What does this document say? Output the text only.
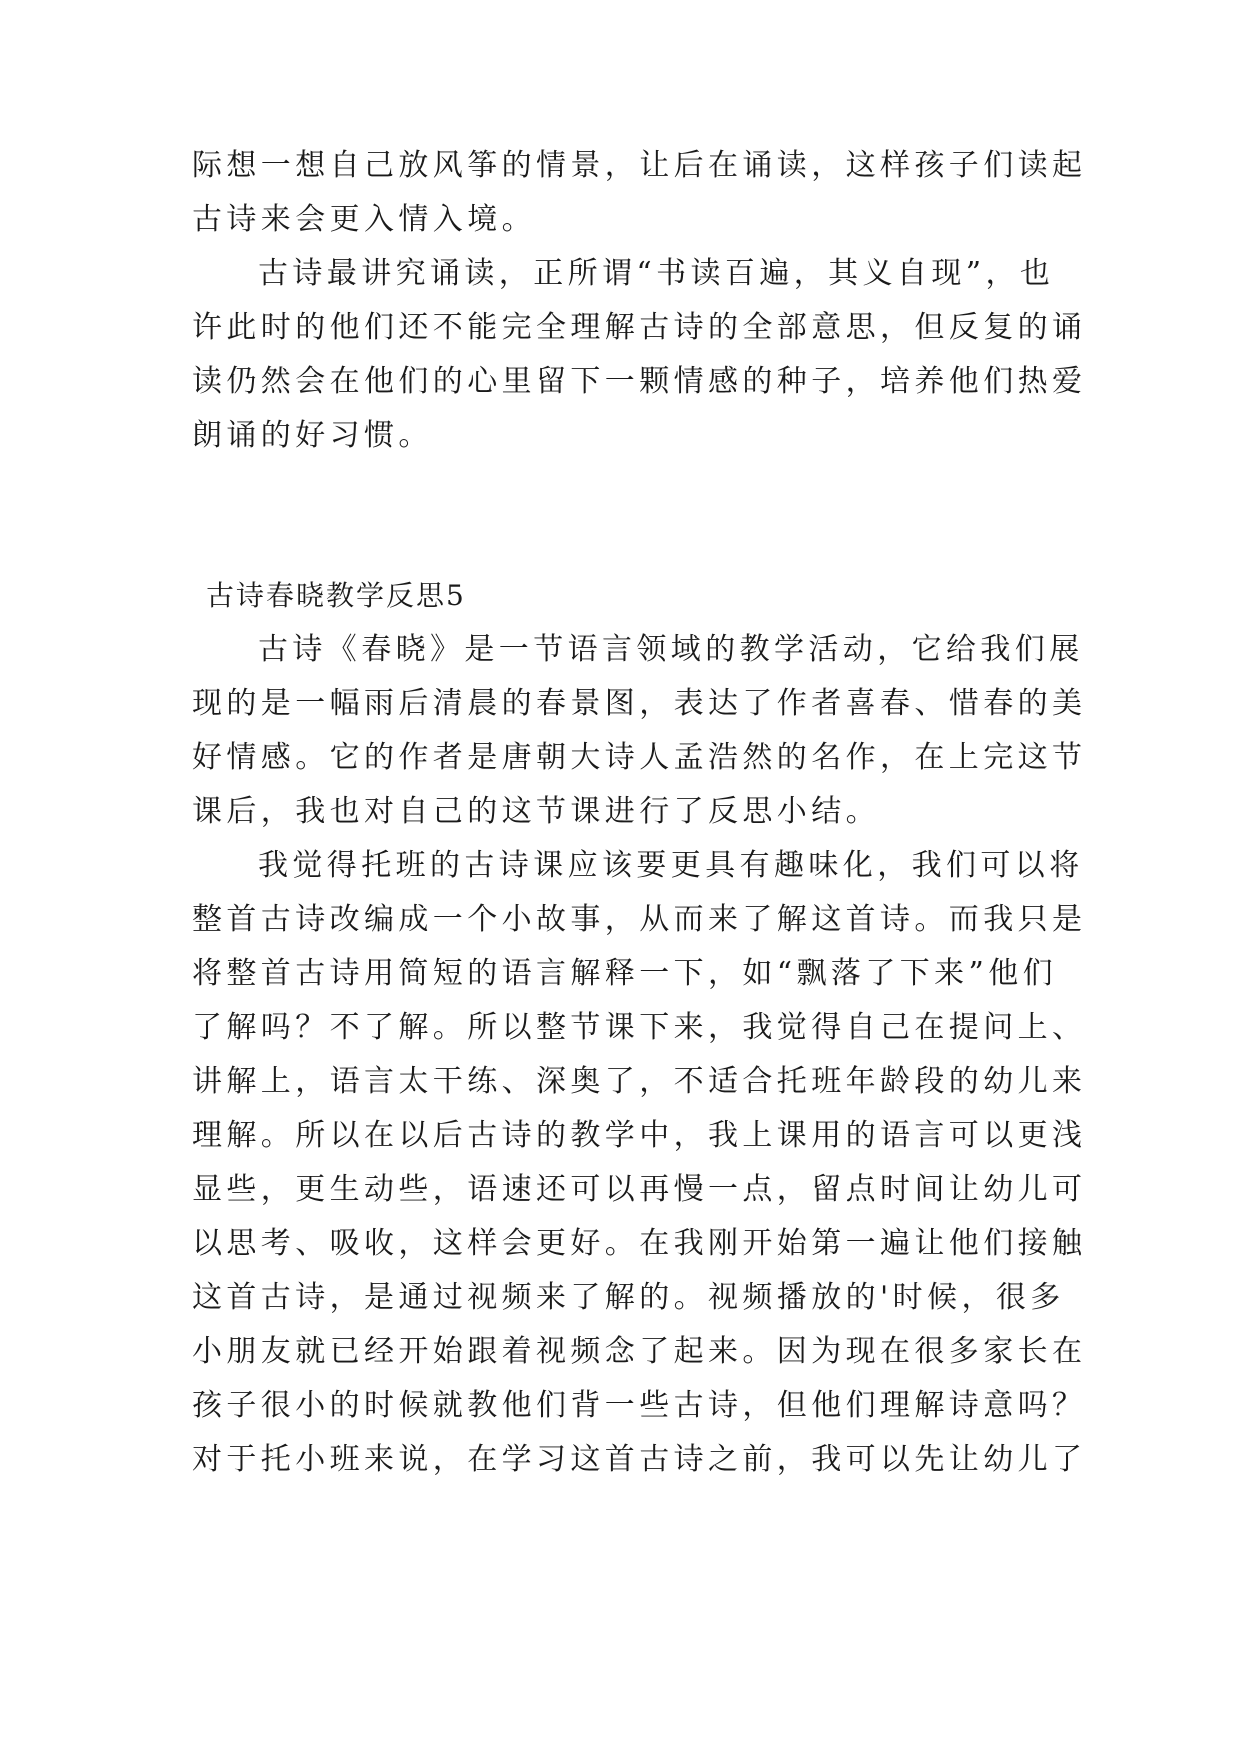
际想一想自己放风筝的情景，让后在诵读，这样孩子们读起
古诗来会更入情入境。
古诗最讲究诵读，正所谓“书读百遍，其义自现”，也
许此时的他们还不能完全理解古诗的全部意思，但反复的诵
读仍然会在他们的心里留下一颗情感的种子，培养他们热爱
朗诵的好习惯。
古诗春晓教学反思5
古诗《春晓》是一节语言领域的教学活动，它给我们展
现的是一幅雨后清晨的春景图，表达了作者喜春、惜春的美
好情感。它的作者是唐朝大诗人孟浩然的名作，在上完这节
课后，我也对自己的这节课进行了反思小结。
我觉得托班的古诗课应该要更具有趣味化，我们可以将
整首古诗改编成一个小故事，从而来了解这首诗。而我只是
将整首古诗用简短的语言解释一下，如“飘落了下来”他们
了解吗？不了解。所以整节课下来，我觉得自己在提问上、
讲解上，语言太干练、深奥了，不适合托班年龄段的幼儿来
理解。所以在以后古诗的教学中，我上课用的语言可以更浅
显些，更生动些，语速还可以再慢一点，留点时间让幼儿可
以思考、吸收，这样会更好。在我刚开始第一遍让他们接触
这首古诗，是通过视频来了解的。视频播放的'时候，很多
小朋友就已经开始跟着视频念了起来。因为现在很多家长在
孩子很小的时候就教他们背一些古诗，但他们理解诗意吗？
对于托小班来说，在学习这首古诗之前，我可以先让幼儿了
